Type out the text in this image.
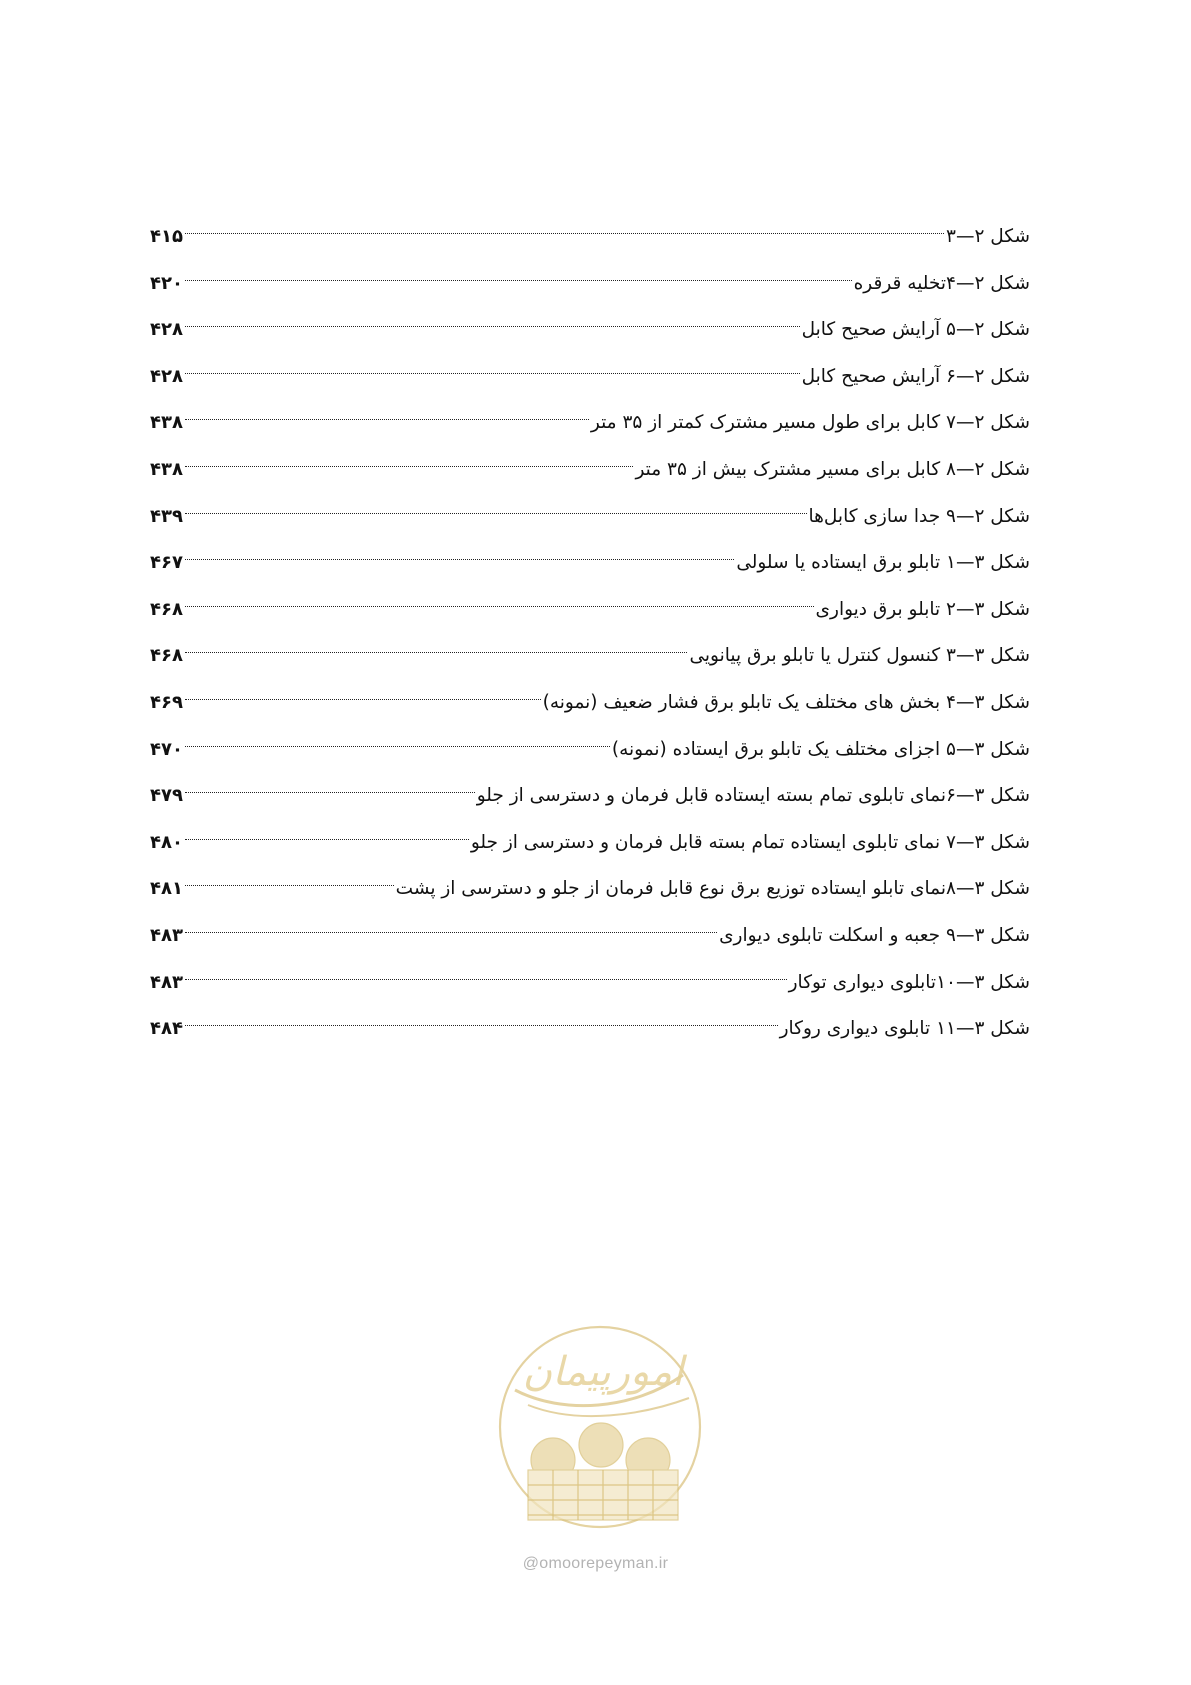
شکل ۲—۳
۴۱۵
شکل ۲—۴تخلیه قرقره
۴۲۰
شکل ۲—۵ آرایش صحیح کابل
۴۲۸
شکل ۲—۶ آرایش صحیح کابل
۴۲۸
شکل ۲—۷ کابل برای طول مسیر مشترک کمتر از ۳۵ متر
۴۳۸
شکل ۲—۸ کابل برای مسیر مشترک بیش از ۳۵ متر
۴۳۸
شکل ۲—۹ جدا سازی کابل‌ها
۴۳۹
شکل ۳—۱ تابلو برق ایستاده یا سلولی
۴۶۷
شکل ۳—۲ تابلو برق دیواری
۴۶۸
شکل ۳—۳ کنسول کنترل یا تابلو برق پیانویی
۴۶۸
شکل ۳—۴ بخش های مختلف یک تابلو برق فشار ضعیف (نمونه)
۴۶۹
شکل ۳—۵ اجزای مختلف یک تابلو برق ایستاده (نمونه)
۴۷۰
شکل ۳—۶نمای تابلوی تمام بسته ایستاده قابل فرمان و دسترسی از جلو
۴۷۹
شکل ۳—۷ نمای تابلوی ایستاده تمام بسته قابل فرمان و دسترسی از جلو
۴۸۰
شکل ۳—۸نمای تابلو ایستاده توزیع برق نوع قابل فرمان از جلو و دسترسی از پشت
۴۸۱
شکل ۳—۹ جعبه و اسکلت تابلوی دیواری
۴۸۳
شکل ۳—۱۰تابلوی دیواری توکار
۴۸۳
شکل ۳—۱۱ تابلوی دیواری روکار
۴۸۴
امورپیمان
@omoorepeyman.ir
